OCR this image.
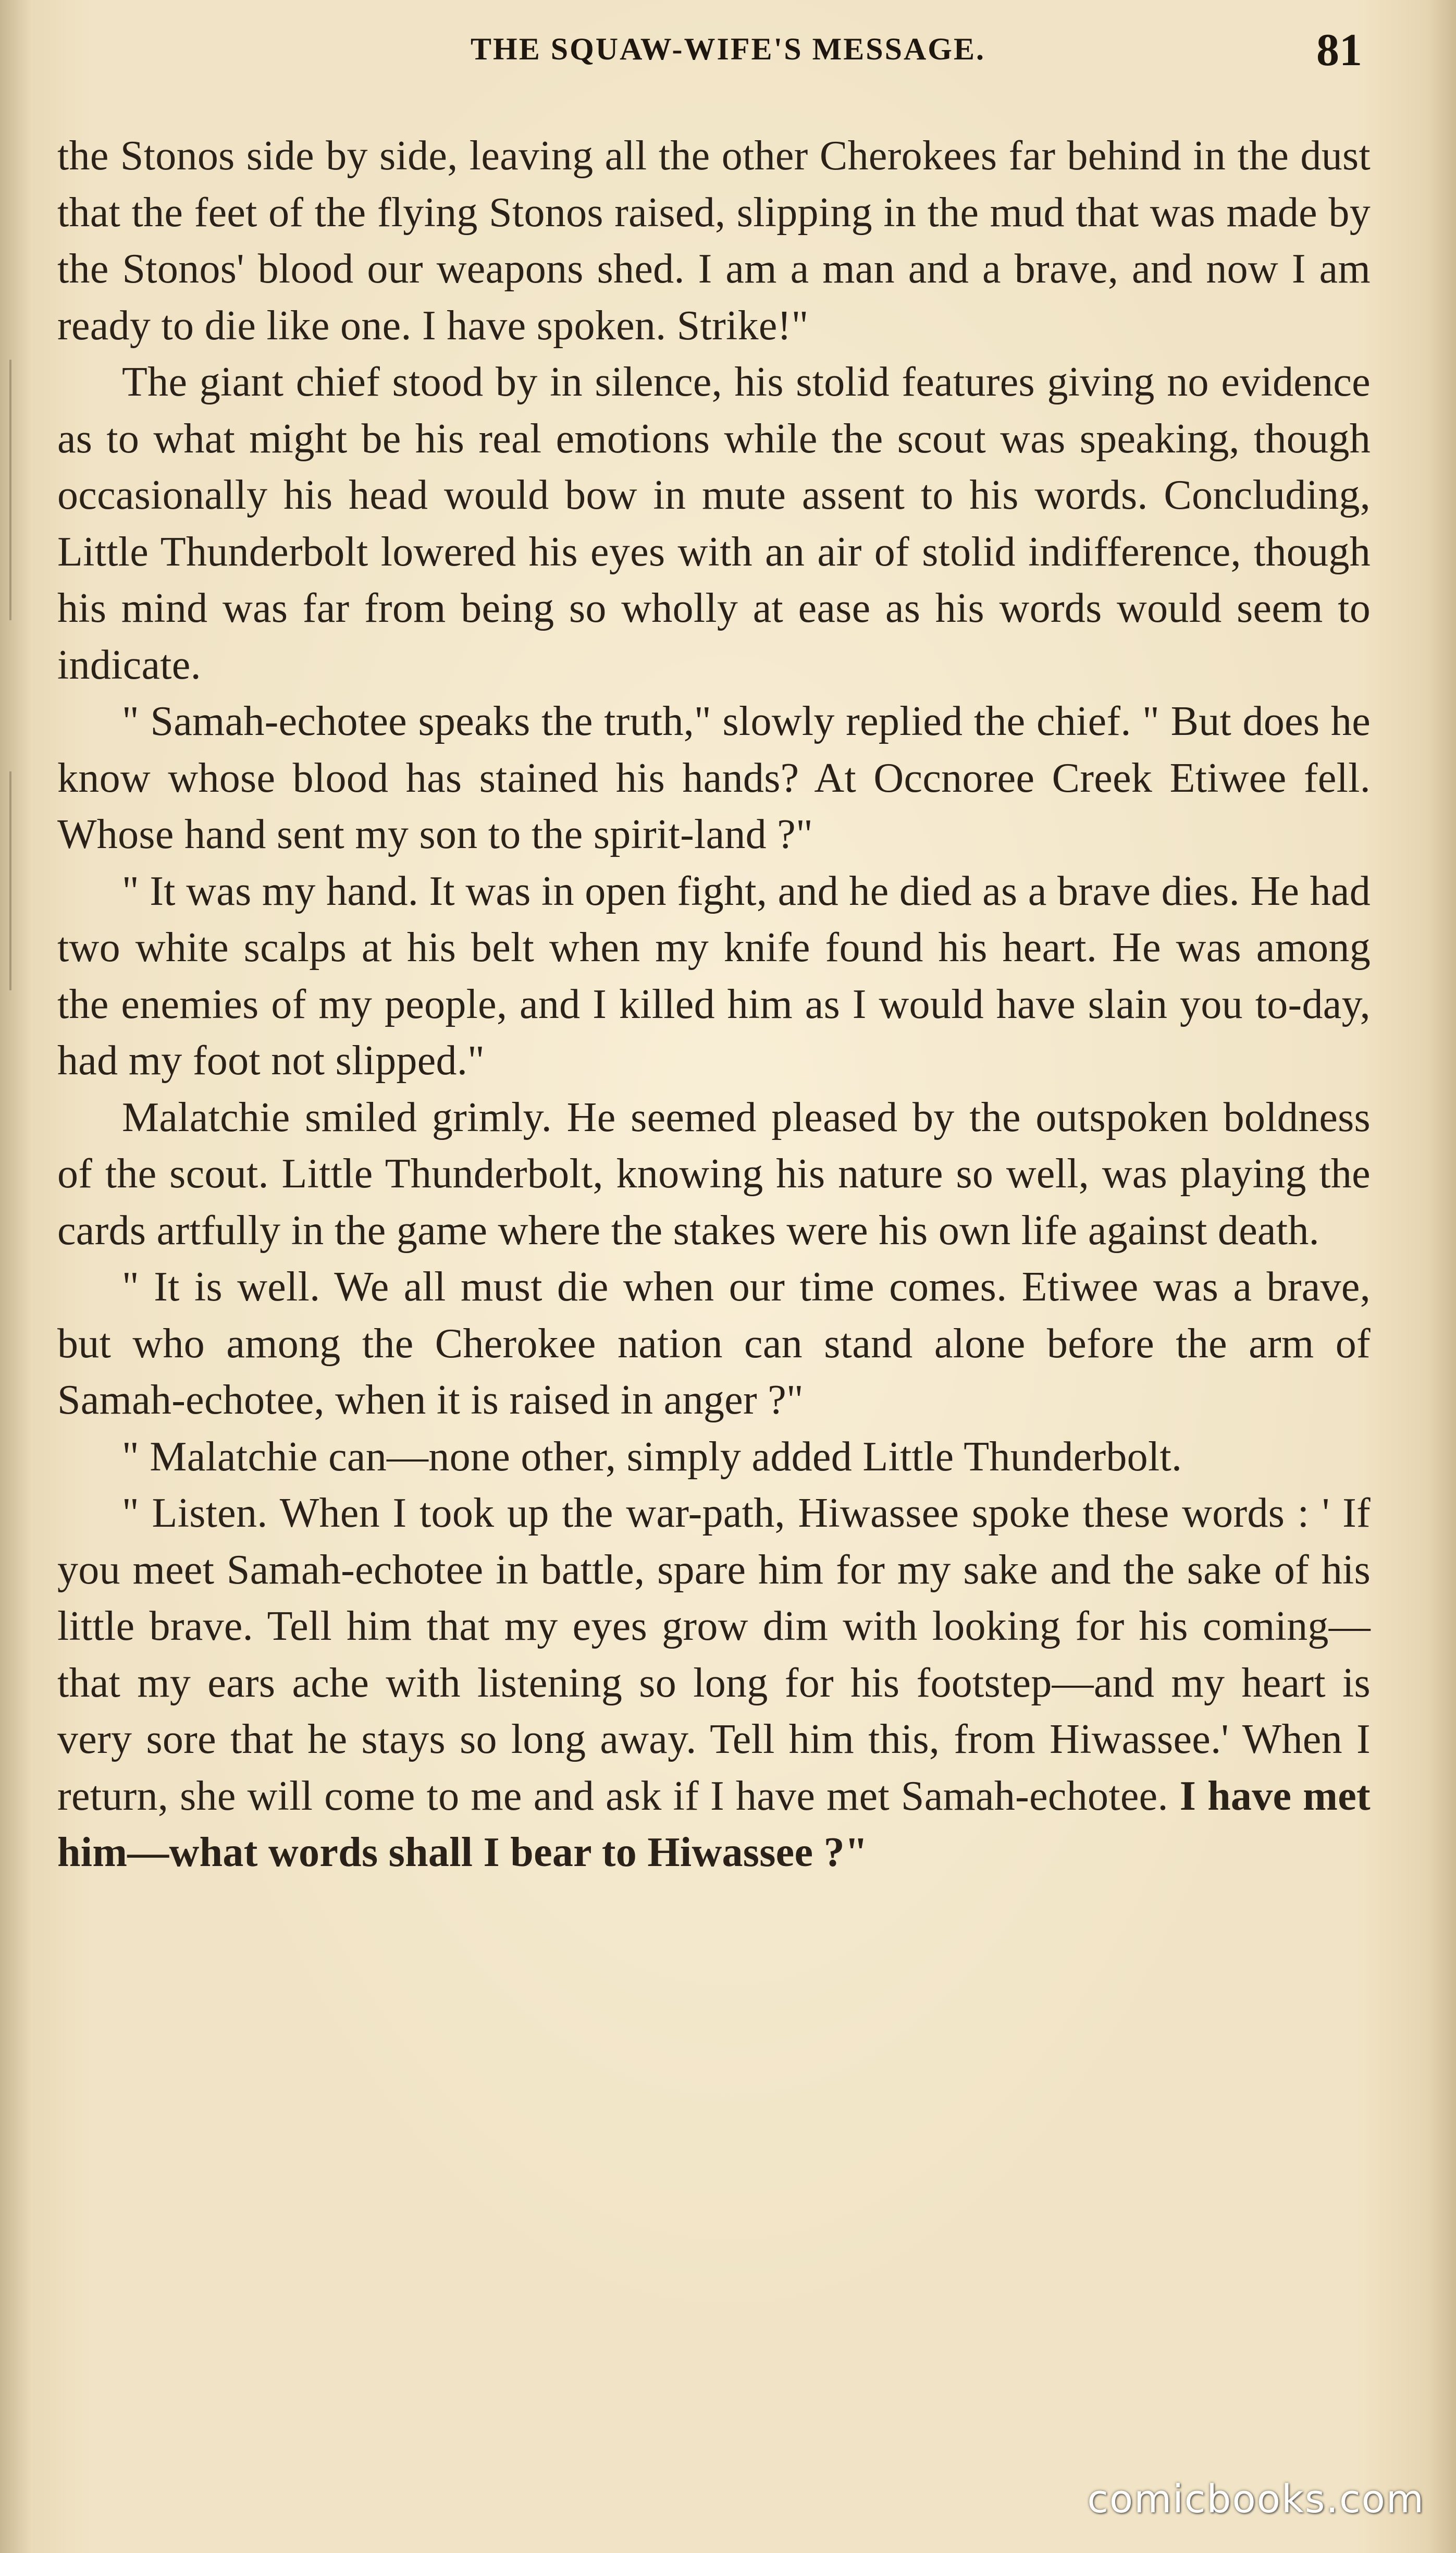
THE SQUAW-WIFE'S MESSAGE.	81

the Stonos side by side, leaving all the other Cherokees far behind in the dust that the feet of the flying Stonos raised, slipping in the mud that was made by the Stonos' blood our weapons shed. I am a man and a brave, and now I am ready to die like one. I have spoken. Strike!"

The giant chief stood by in silence, his stolid features giving no evidence as to what might be his real emotions while the scout was speaking, though occasionally his head would bow in mute assent to his words. Concluding, Little Thunderbolt lowered his eyes with an air of stolid indifference, though his mind was far from being so wholly at ease as his words would seem to indicate.

" Samah-echotee speaks the truth," slowly replied the chief. " But does he know whose blood has stained his hands? At Occnoree Creek Etiwee fell. Whose hand sent my son to the spirit-land ?"

" It was my hand. It was in open fight, and he died as a brave dies. He had two white scalps at his belt when my knife found his heart. He was among the enemies of my people, and I killed him as I would have slain you to-day, had my foot not slipped."

Malatchie smiled grimly. He seemed pleased by the outspoken boldness of the scout. Little Thunderbolt, knowing his nature so well, was playing the cards artfully in the game where the stakes were his own life against death.

" It is well. We all must die when our time comes. Etiwee was a brave, but who among the Cherokee nation can stand alone before the arm of Samah-echotee, when it is raised in anger ?"

" Malatchie can—none other, simply added Little Thunderbolt.

" Listen. When I took up the war-path, Hiwassee spoke these words : ' If you meet Samah-echotee in battle, spare him for my sake and the sake of his little brave. Tell him that my eyes grow dim with looking for his coming—that my ears ache with listening so long for his footstep—and my heart is very sore that he stays so long away. Tell him this, from Hiwassee.' When I return, she will come to me and ask if I have met Samah-echotee. I have met him—what words shall I bear to Hiwassee ?"

comicbooks.com
